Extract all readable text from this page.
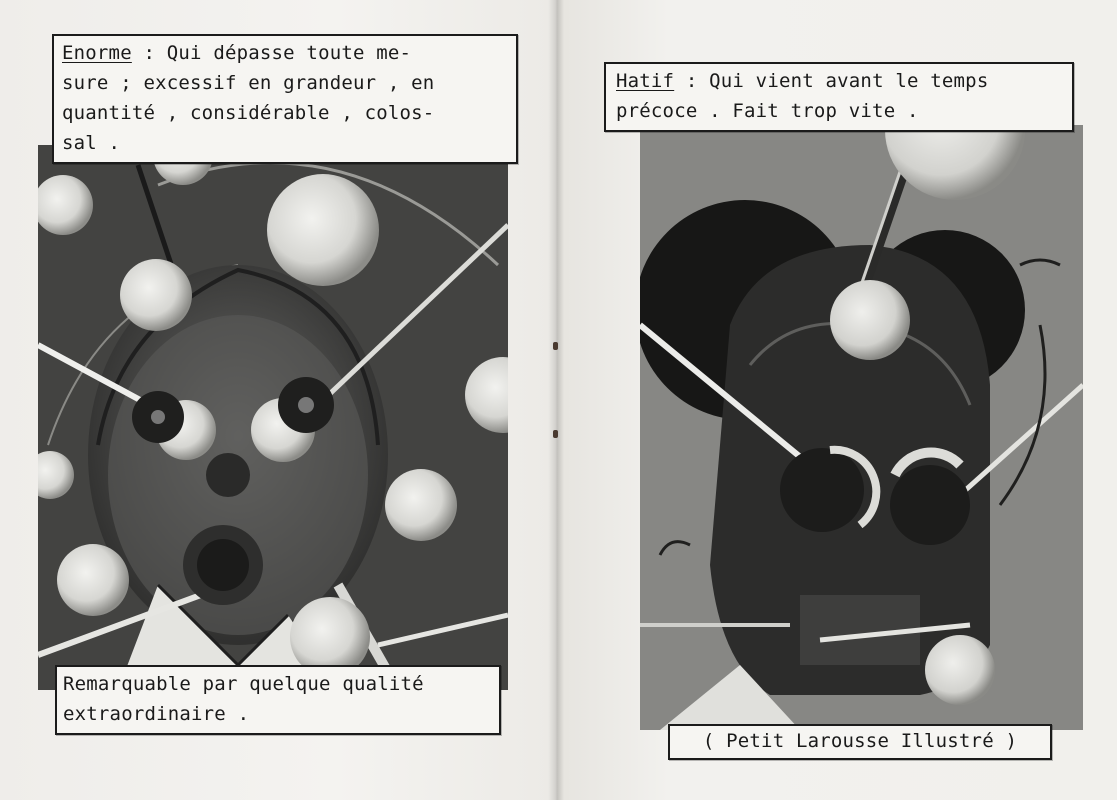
Enorme : Qui dépasse toute me-
sure ; excessif en grandeur , en
quantité , considérable , colos-
sal .
Remarquable par quelque qualité
extraordinaire .
Hatif : Qui vient avant le temps
précoce . Fait trop vite .
( Petit Larousse Illustré )
